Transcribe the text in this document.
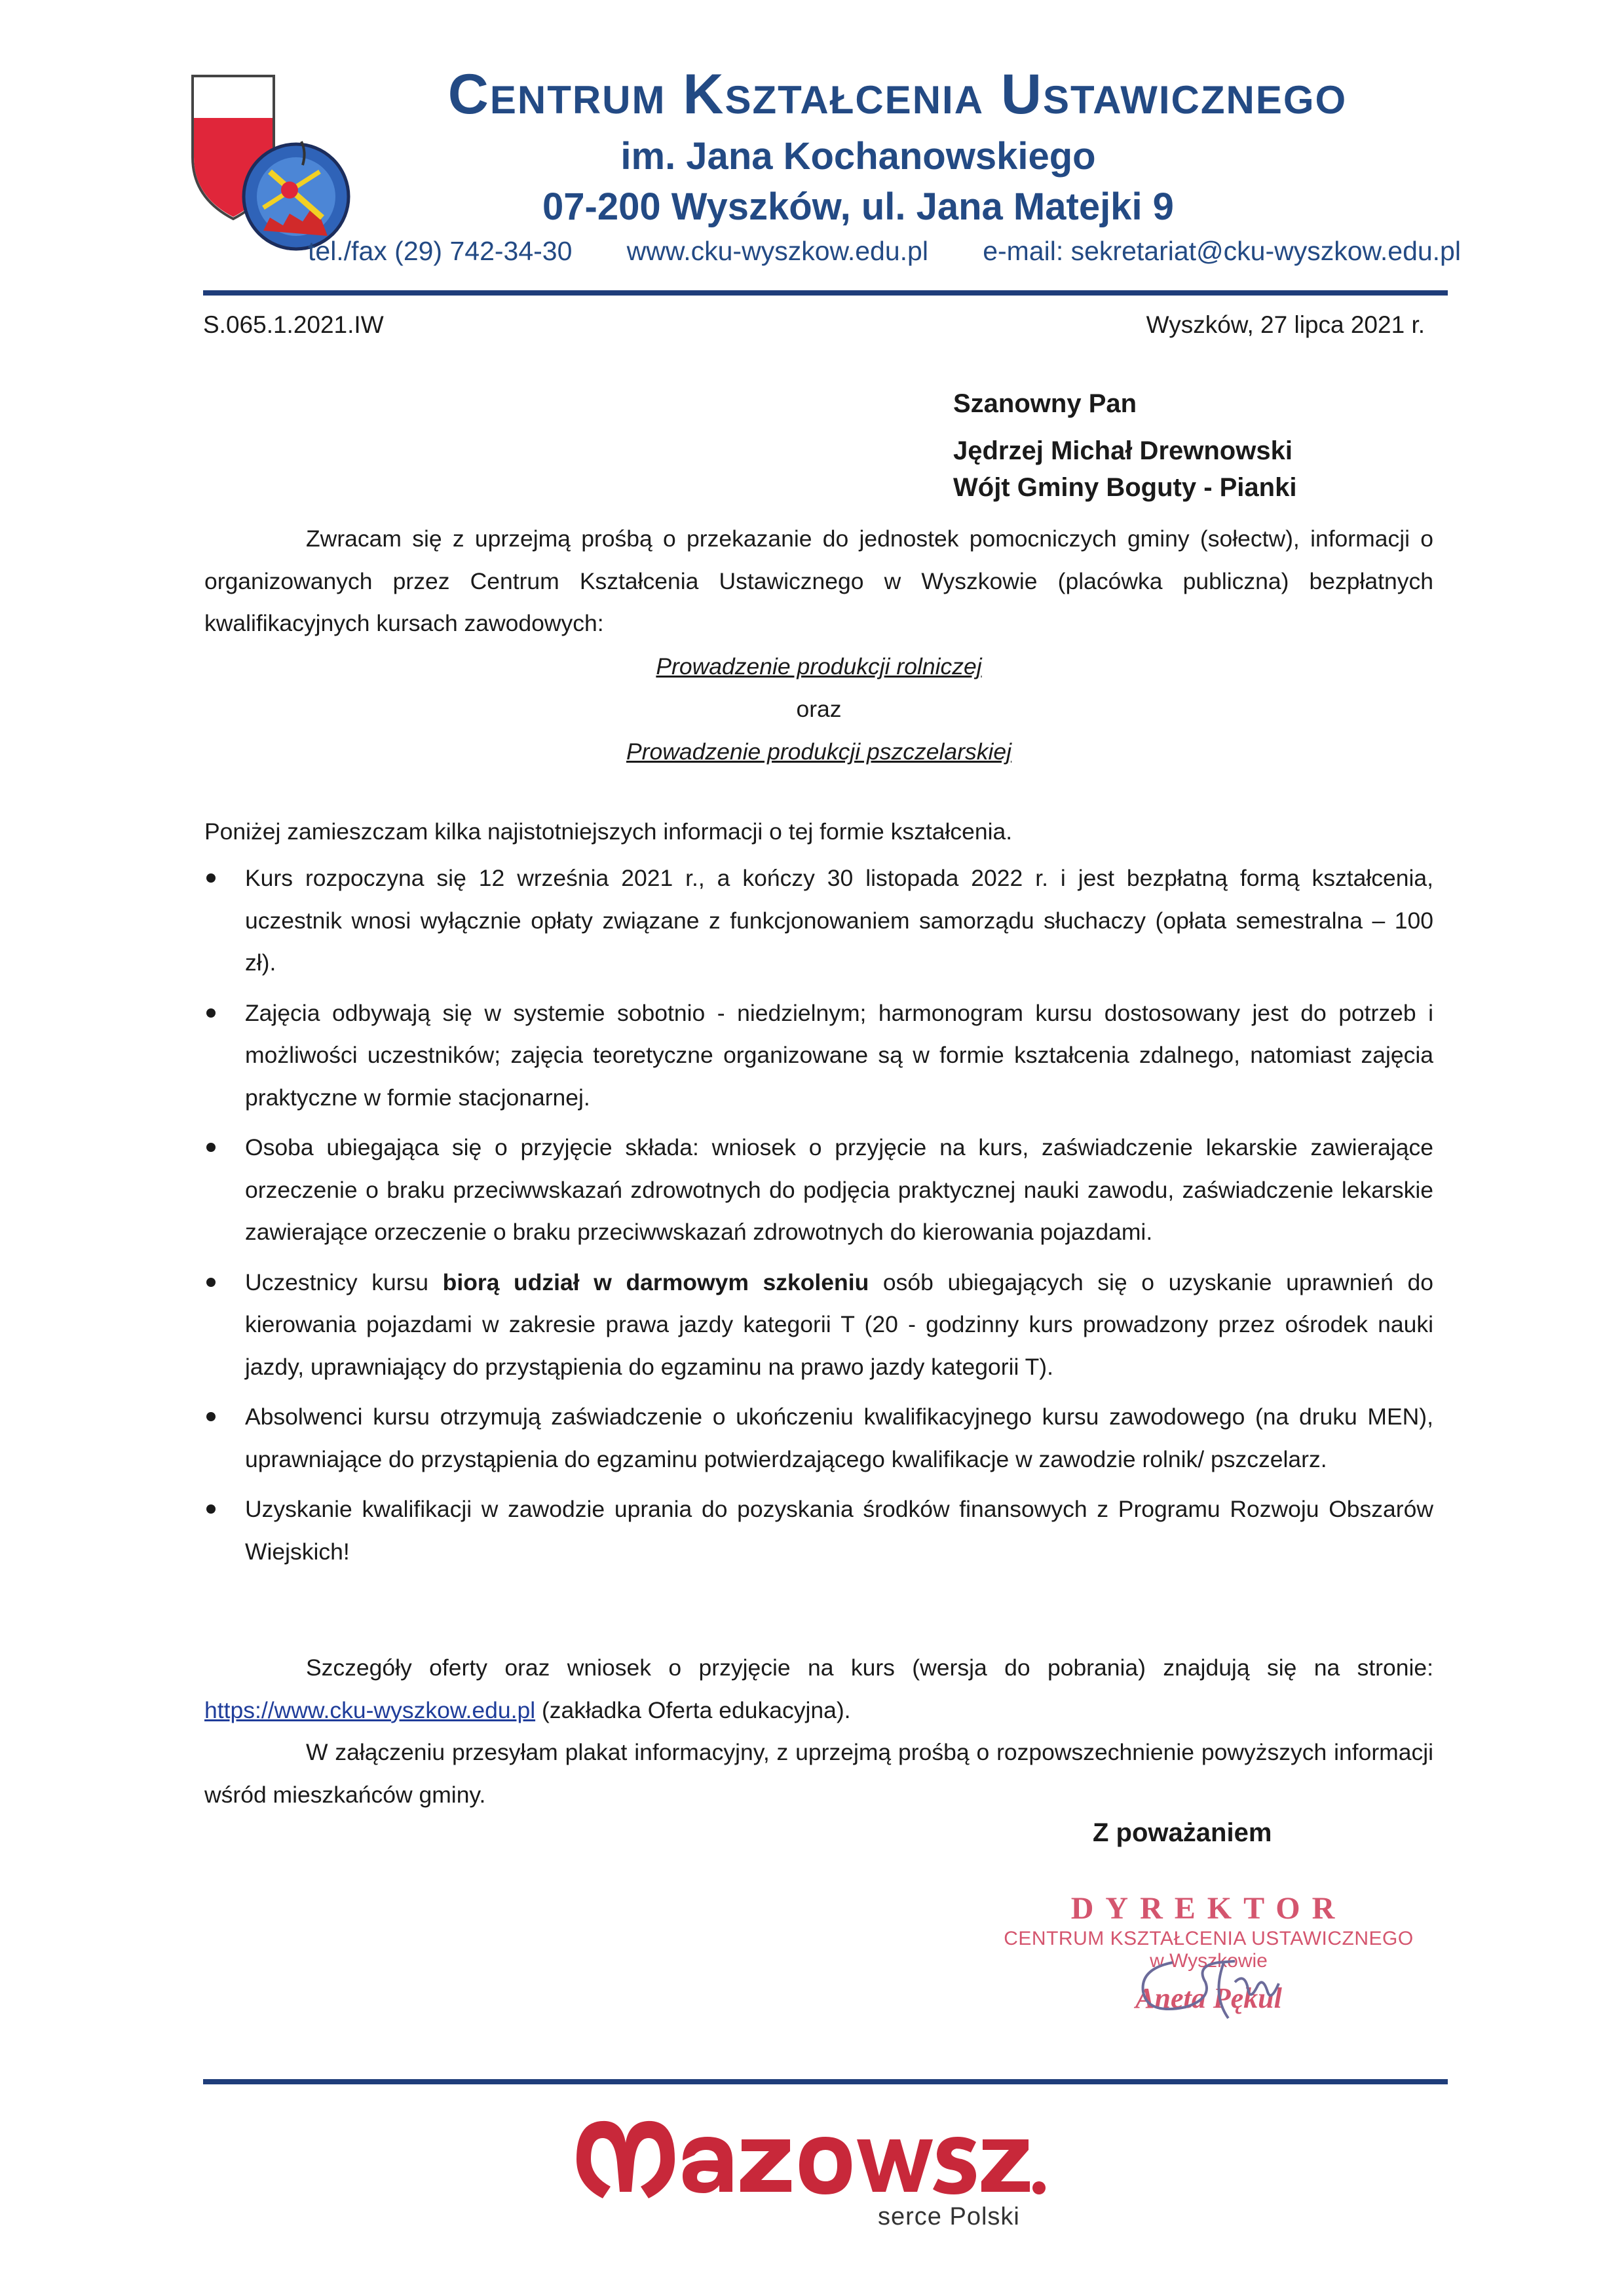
Centrum Kształcenia Ustawicznego
im. Jana Kochanowskiego
07-200 Wyszków, ul. Jana Matejki 9
tel./fax (29) 742-34-30 www.cku-wyszkow.edu.pl e-mail: sekretariat@cku-wyszkow.edu.pl
S.065.1.2021.IW	Wyszków, 27 lipca 2021 r.
Szanowny Pan
Jędrzej Michał Drewnowski
Wójt Gminy Boguty - Pianki
Zwracam się z uprzejmą prośbą o przekazanie do jednostek pomocniczych gminy (sołectw), informacji o organizowanych przez Centrum Kształcenia Ustawicznego w Wyszkowie (placówka publiczna) bezpłatnych kwalifikacyjnych kursach zawodowych:
Prowadzenie produkcji rolniczej
oraz
Prowadzenie produkcji pszczelarskiej
Poniżej zamieszczam kilka najistotniejszych informacji o tej formie kształcenia.
Kurs rozpoczyna się 12 września 2021 r., a kończy 30 listopada 2022 r. i jest bezpłatną formą kształcenia, uczestnik wnosi wyłącznie opłaty związane z funkcjonowaniem samorządu słuchaczy (opłata semestralna – 100 zł).
Zajęcia odbywają się w systemie sobotnio - niedzielnym; harmonogram kursu dostosowany jest do potrzeb i możliwości uczestników; zajęcia teoretyczne organizowane są w formie kształcenia zdalnego, natomiast zajęcia praktyczne w formie stacjonarnej.
Osoba ubiegająca się o przyjęcie składa: wniosek o przyjęcie na kurs, zaświadczenie lekarskie zawierające orzeczenie o braku przeciwwskazań zdrowotnych do podjęcia praktycznej nauki zawodu, zaświadczenie lekarskie zawierające orzeczenie o braku przeciwwskazań zdrowotnych do kierowania pojazdami.
Uczestnicy kursu biorą udział w darmowym szkoleniu osób ubiegających się o uzyskanie uprawnień do kierowania pojazdami w zakresie prawa jazdy kategorii T (20 - godzinny kurs prowadzony przez ośrodek nauki jazdy, uprawniający do przystąpienia do egzaminu na prawo jazdy kategorii T).
Absolwenci kursu otrzymują zaświadczenie o ukończeniu kwalifikacyjnego kursu zawodowego (na druku MEN), uprawniające do przystąpienia do egzaminu potwierdzającego kwalifikacje w zawodzie rolnik/ pszczelarz.
Uzyskanie kwalifikacji w zawodzie uprania do pozyskania środków finansowych z Programu Rozwoju Obszarów Wiejskich!
Szczegóły oferty oraz wniosek o przyjęcie na kurs (wersja do pobrania) znajdują się na stronie: https://www.cku-wyszkow.edu.pl (zakładka Oferta edukacyjna).
W załączeniu przesyłam plakat informacyjny, z uprzejmą prośbą o rozpowszechnienie powyższych informacji wśród mieszkańców gminy.
Z poważaniem
DYREKTOR
CENTRUM KSZTAŁCENIA USTAWICZNEGO
w Wyszkowie
Aneta Pękul
serce Polski
